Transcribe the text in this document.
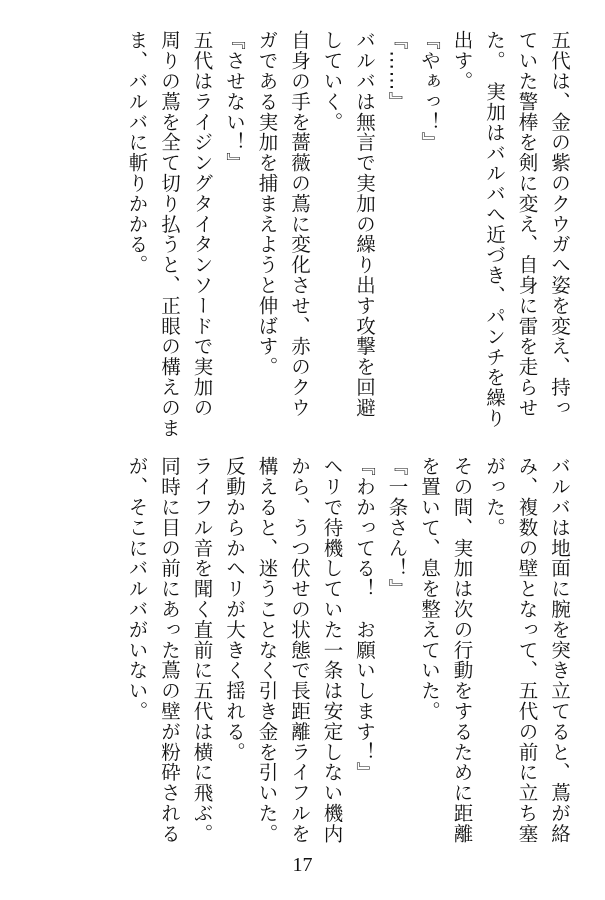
五代は、金の紫のクウガへ姿を変え、持っ
ていた警棒を剣に変え、自身に雷を走らせ
た。　実加はバルバへ近づき、パンチを繰り
出す。
『やぁっ！』
『……』
バルバは無言で実加の繰り出す攻撃を回避
していく。
自身の手を薔薇の蔦に変化させ、赤のクウ
ガである実加を捕まえようと伸ばす。
『させない！』
五代はライジングタイタンソードで実加の
周りの蔦を全て切り払うと、正眼の構えのま
ま、バルバに斬りかかる。
バルバは地面に腕を突き立てると、蔦が絡
み、複数の壁となって、五代の前に立ち塞
がった。
その間、実加は次の行動をするために距離
を置いて、息を整えていた。
『一条さん！』
『わかってる！　お願いします！』
ヘリで待機していた一条は安定しない機内
から、うつ伏せの状態で長距離ライフルを
構えると、迷うことなく引き金を引いた。
反動からかヘリが大きく揺れる。
ライフル音を聞く直前に五代は横に飛ぶ。
同時に目の前にあった蔦の壁が粉砕される
が、そこにバルバがいない。
17
